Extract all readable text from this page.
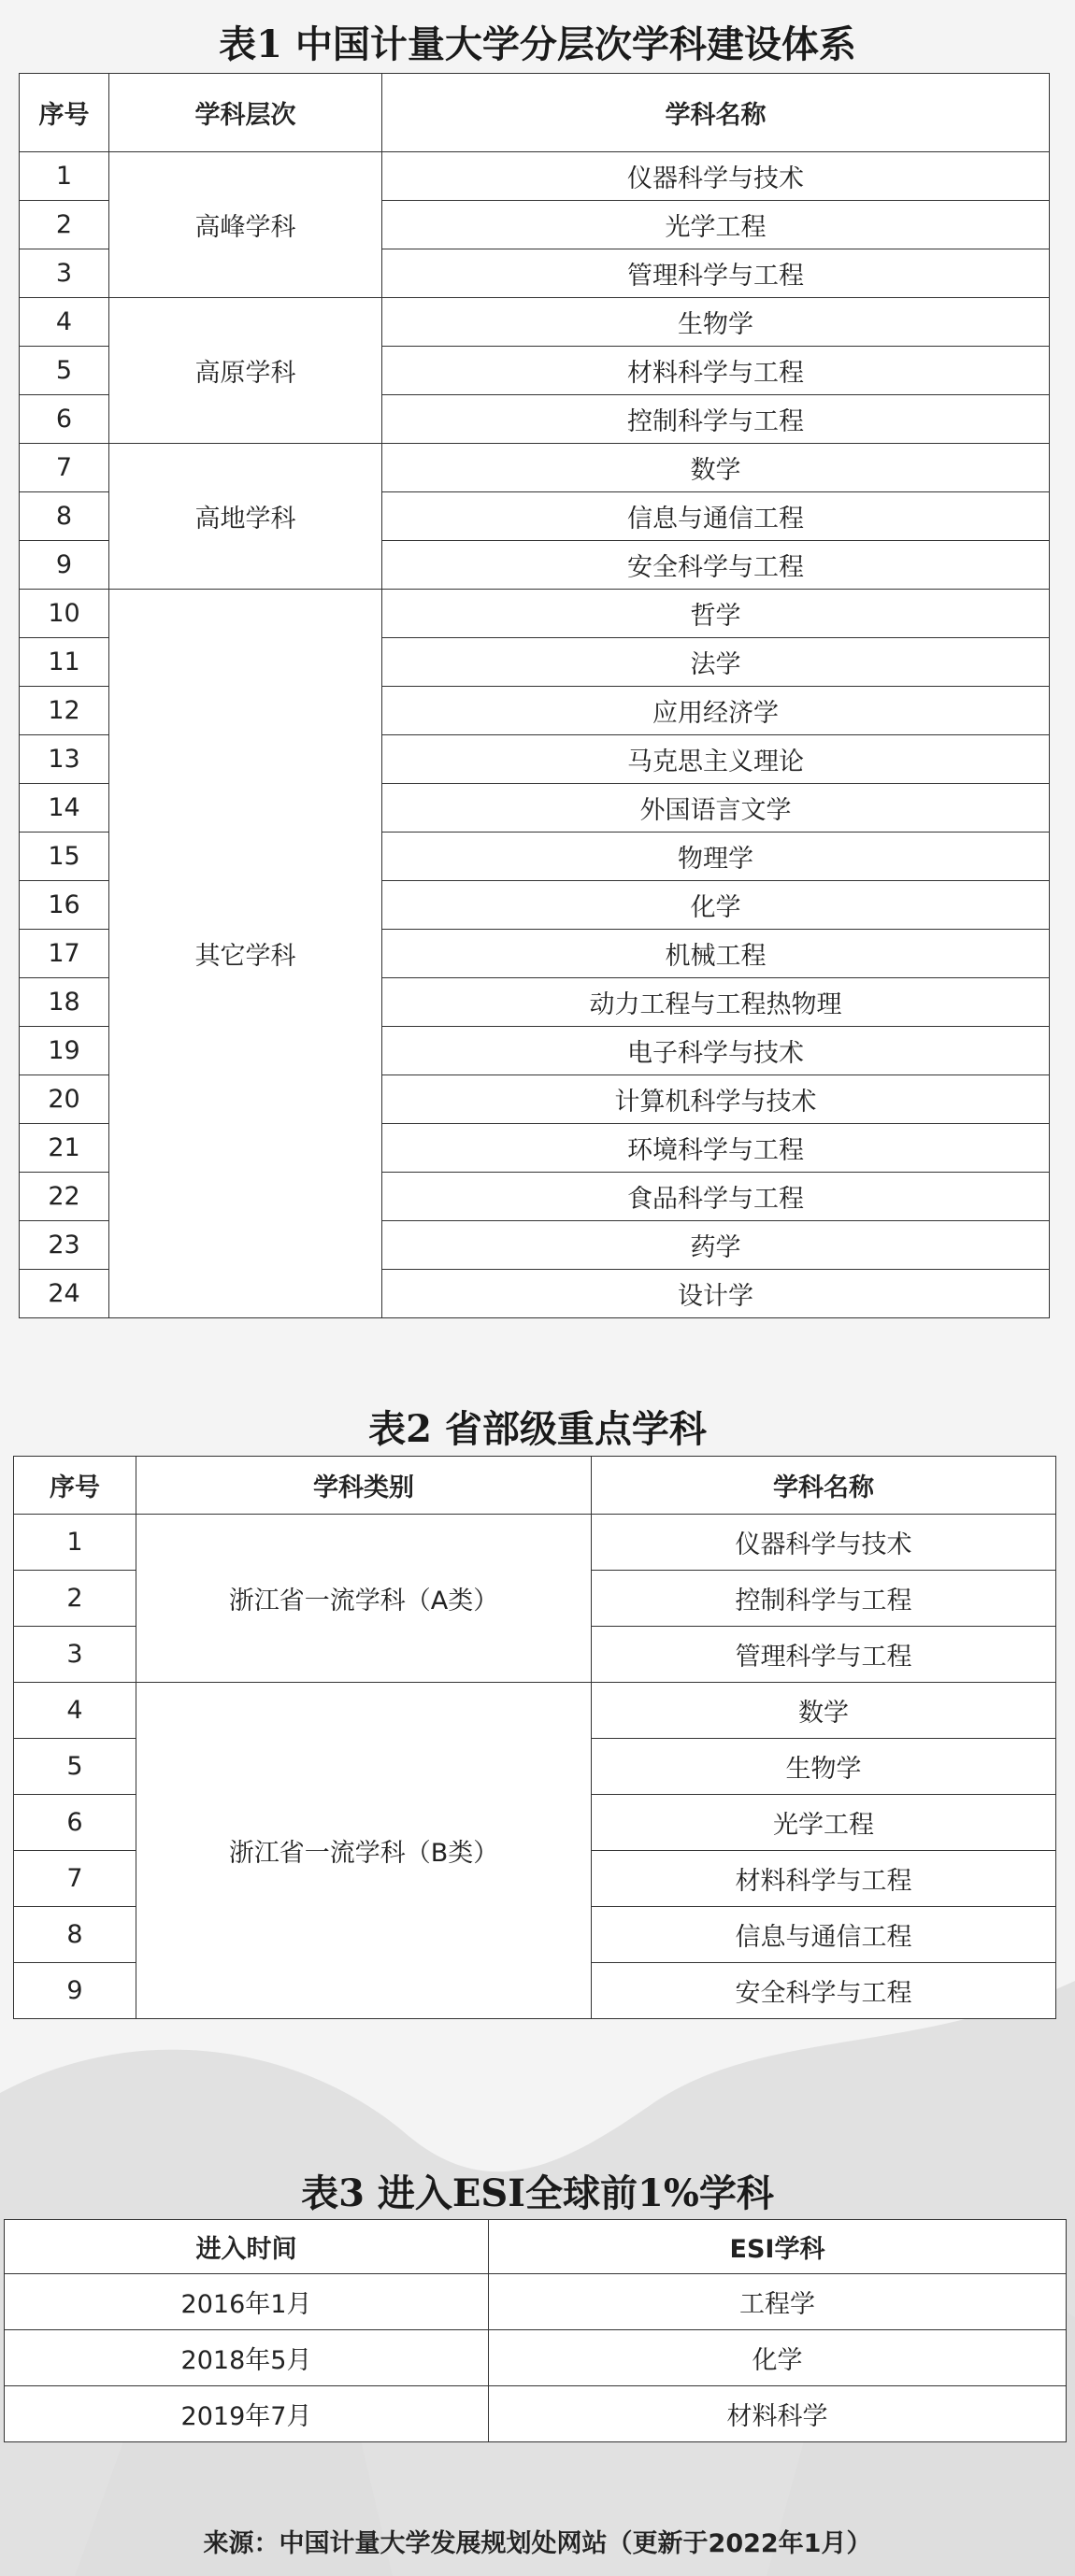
表1 中国计量大学分层次学科建设体系
序号	学科层次	学科名称
1	高峰学科	仪器科学与技术
2		光学工程
3		管理科学与工程
4	高原学科	生物学
5		材料科学与工程
6		控制科学与工程
7	高地学科	数学
8		信息与通信工程
9		安全科学与工程
10	其它学科	哲学
11		法学
12		应用经济学
13		马克思主义理论
14		外国语言文学
15		物理学
16		化学
17		机械工程
18		动力工程与工程热物理
19		电子科学与技术
20		计算机科学与技术
21		环境科学与工程
22		食品科学与工程
23		药学
24		设计学
表2 省部级重点学科
序号	学科类别	学科名称
1	浙江省一流学科（A类）	仪器科学与技术
2		控制科学与工程
3		管理科学与工程
4	浙江省一流学科（B类）	数学
5		生物学
6		光学工程
7		材料科学与工程
8		信息与通信工程
9		安全科学与工程
表3 进入ESI全球前1%学科
进入时间	ESI学科
2016年1月	工程学
2018年5月	化学
2019年7月	材料科学
来源：中国计量大学发展规划处网站（更新于2022年1月）
